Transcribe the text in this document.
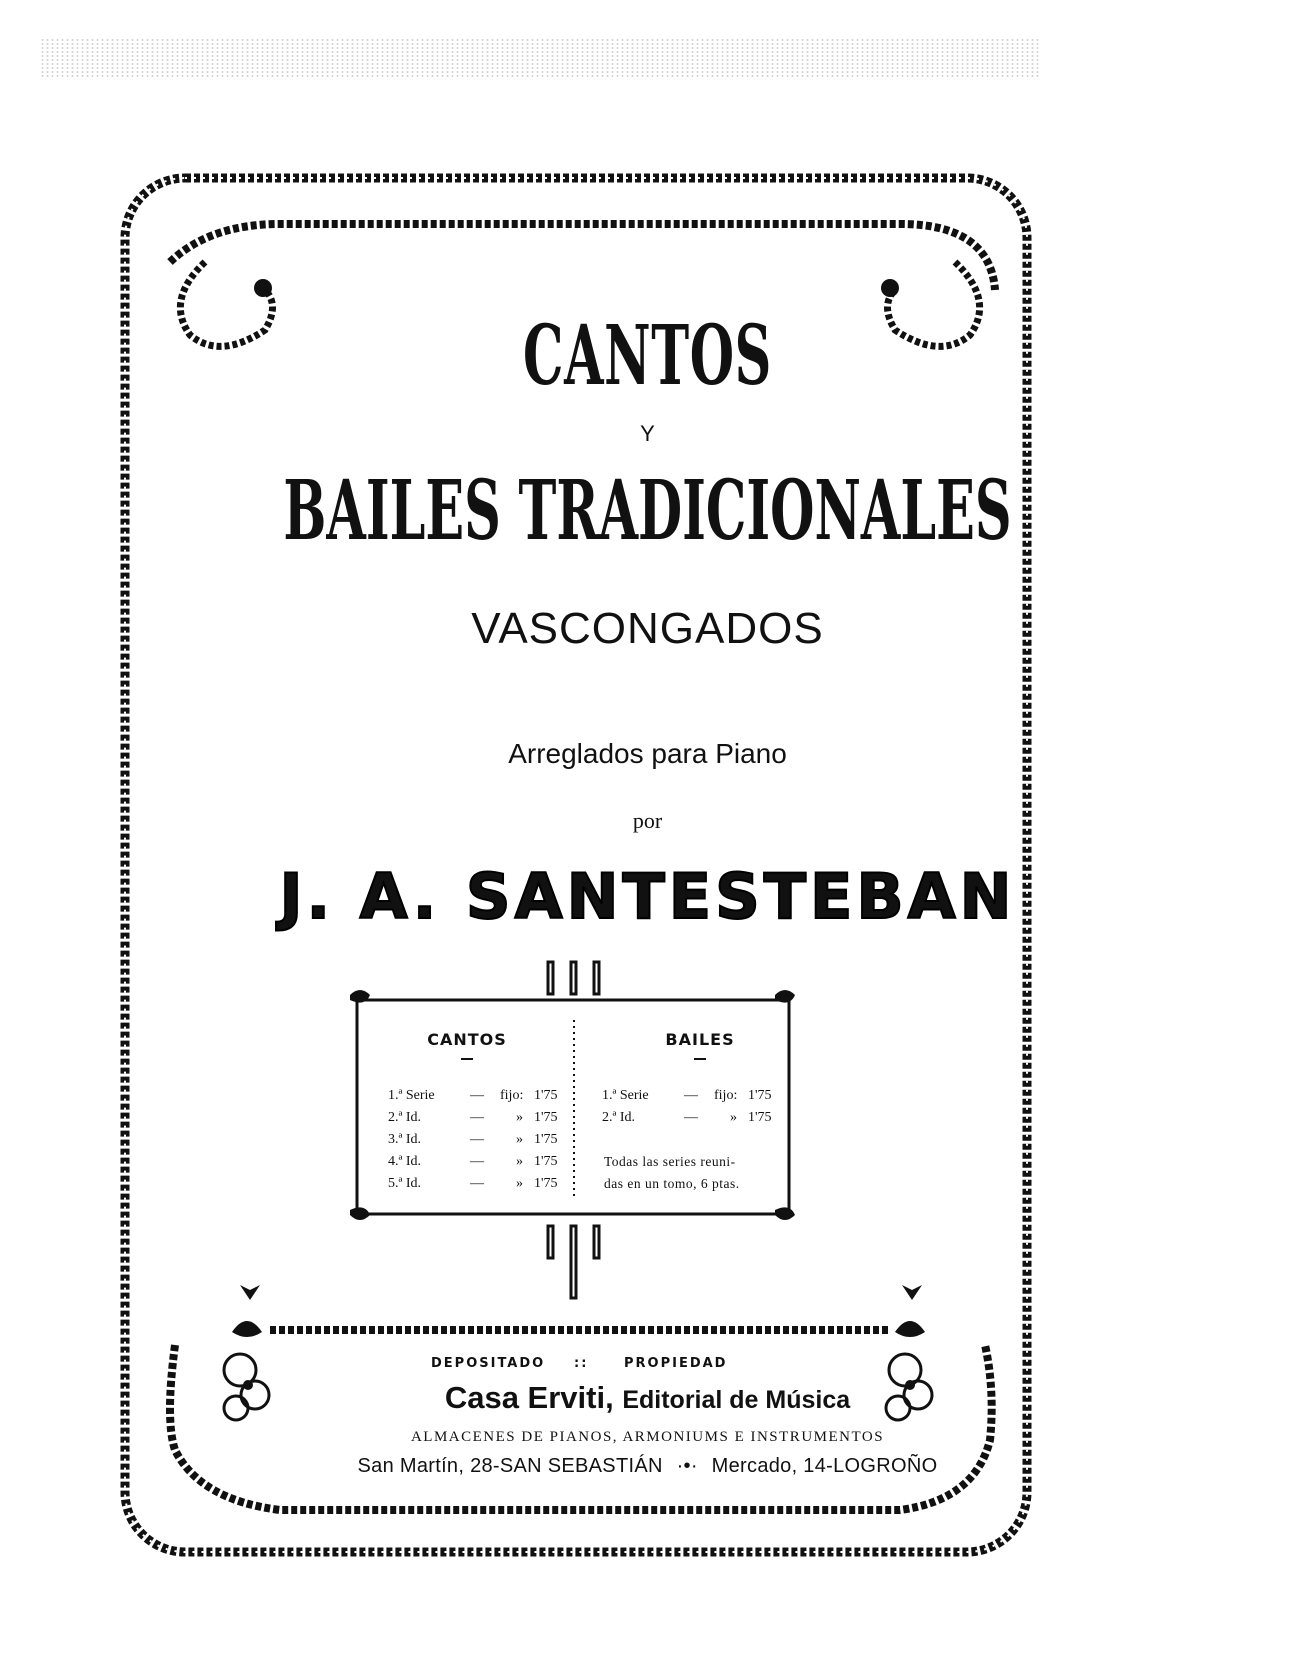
CANTOS
Y
BAILES TRADICIONALES
VASCONGADOS
Arreglados para Piano
por
J. A. SANTESTEBAN
CANTOS	BAILES
1.ª Serie	— fijo: 1'75
2.ª Id.	— » 1'75
3.ª Id.	— » 1'75
4.ª Id.	— » 1'75
5.ª Id.	— » 1'75
1.ª Serie	— fijo: 1'75
2.ª Id.	— » 1'75
Todas las series reuni-
das en un tomo, 6 ptas.
DEPOSITADO ::	PROPIEDAD
Casa Erviti, Editorial de Música
ALMACENES DE PIANOS, ARMONIUMS E INSTRUMENTOS
San Martín, 28-SAN SEBASTIÁN ·•· Mercado, 14-LOGROÑO
